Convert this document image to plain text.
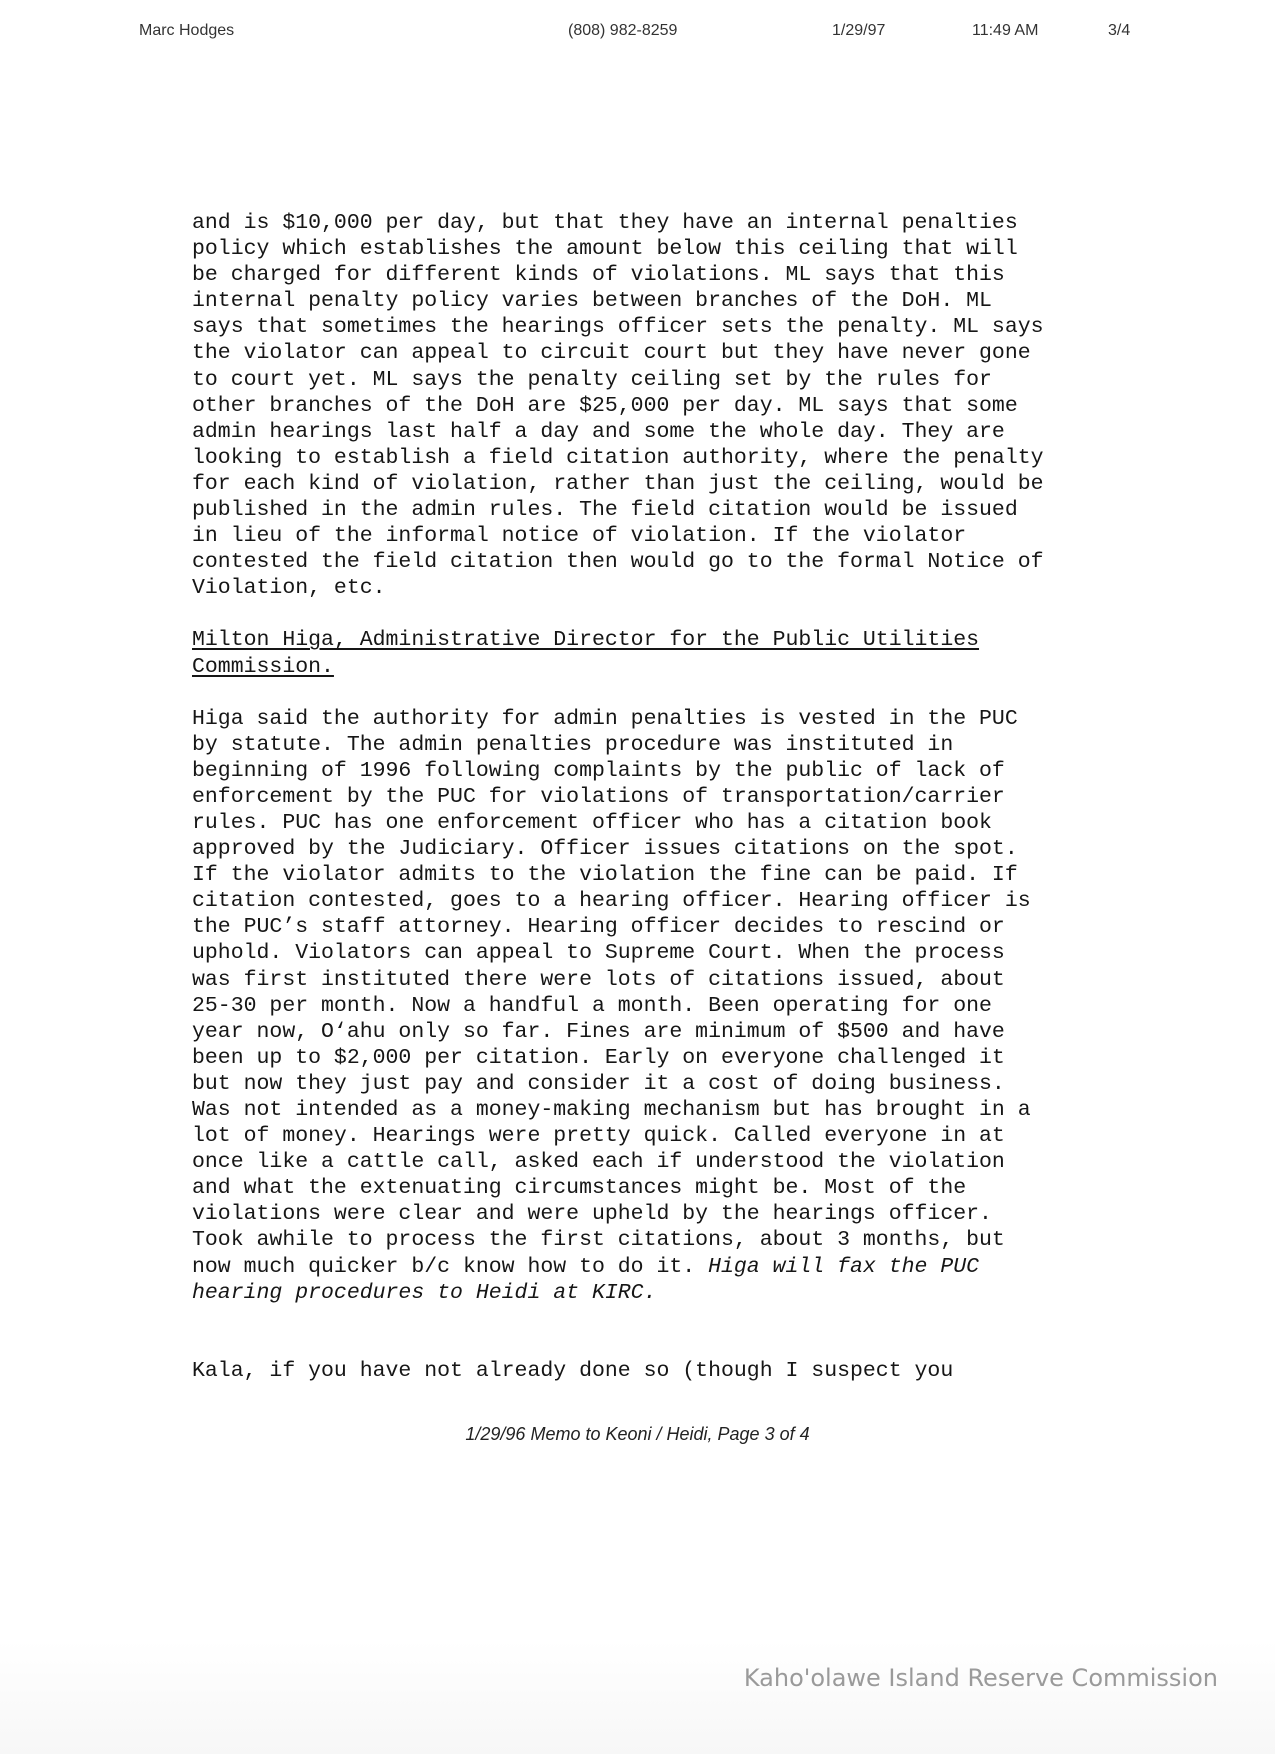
Marc Hodges	(808) 982-8259	1/29/97	11:49 AM	3/4

and is $10,000 per day, but that they have an internal penalties
policy which establishes the amount below this ceiling that will
be charged for different kinds of violations. ML says that this
internal penalty policy varies between branches of the DoH. ML
says that sometimes the hearings officer sets the penalty. ML says
the violator can appeal to circuit court but they have never gone
to court yet. ML says the penalty ceiling set by the rules for
other branches of the DoH are $25,000 per day. ML says that some
admin hearings last half a day and some the whole day. They are
looking to establish a field citation authority, where the penalty
for each kind of violation, rather than just the ceiling, would be
published in the admin rules. The field citation would be issued
in lieu of the informal notice of violation. If the violator
contested the field citation then would go to the formal Notice of
Violation, etc.

Milton Higa, Administrative Director for the Public Utilities
Commission.

Higa said the authority for admin penalties is vested in the PUC
by statute. The admin penalties procedure was instituted in
beginning of 1996 following complaints by the public of lack of
enforcement by the PUC for violations of transportation/carrier
rules. PUC has one enforcement officer who has a citation book
approved by the Judiciary. Officer issues citations on the spot.
If the violator admits to the violation the fine can be paid. If
citation contested, goes to a hearing officer. Hearing officer is
the PUC’s staff attorney. Hearing officer decides to rescind or
uphold. Violators can appeal to Supreme Court. When the process
was first instituted there were lots of citations issued, about
25-30 per month. Now a handful a month. Been operating for one
year now, O‘ahu only so far. Fines are minimum of $500 and have
been up to $2,000 per citation. Early on everyone challenged it
but now they just pay and consider it a cost of doing business.
Was not intended as a money-making mechanism but has brought in a
lot of money. Hearings were pretty quick. Called everyone in at
once like a cattle call, asked each if understood the violation
and what the extenuating circumstances might be. Most of the
violations were clear and were upheld by the hearings officer.
Took awhile to process the first citations, about 3 months, but
now much quicker b/c know how to do it. Higa will fax the PUC
hearing procedures to Heidi at KIRC.

Kala, if you have not already done so (though I suspect you

1/29/96 Memo to Keoni / Heidi, Page 3 of 4
Kaho'olawe Island Reserve Commission
